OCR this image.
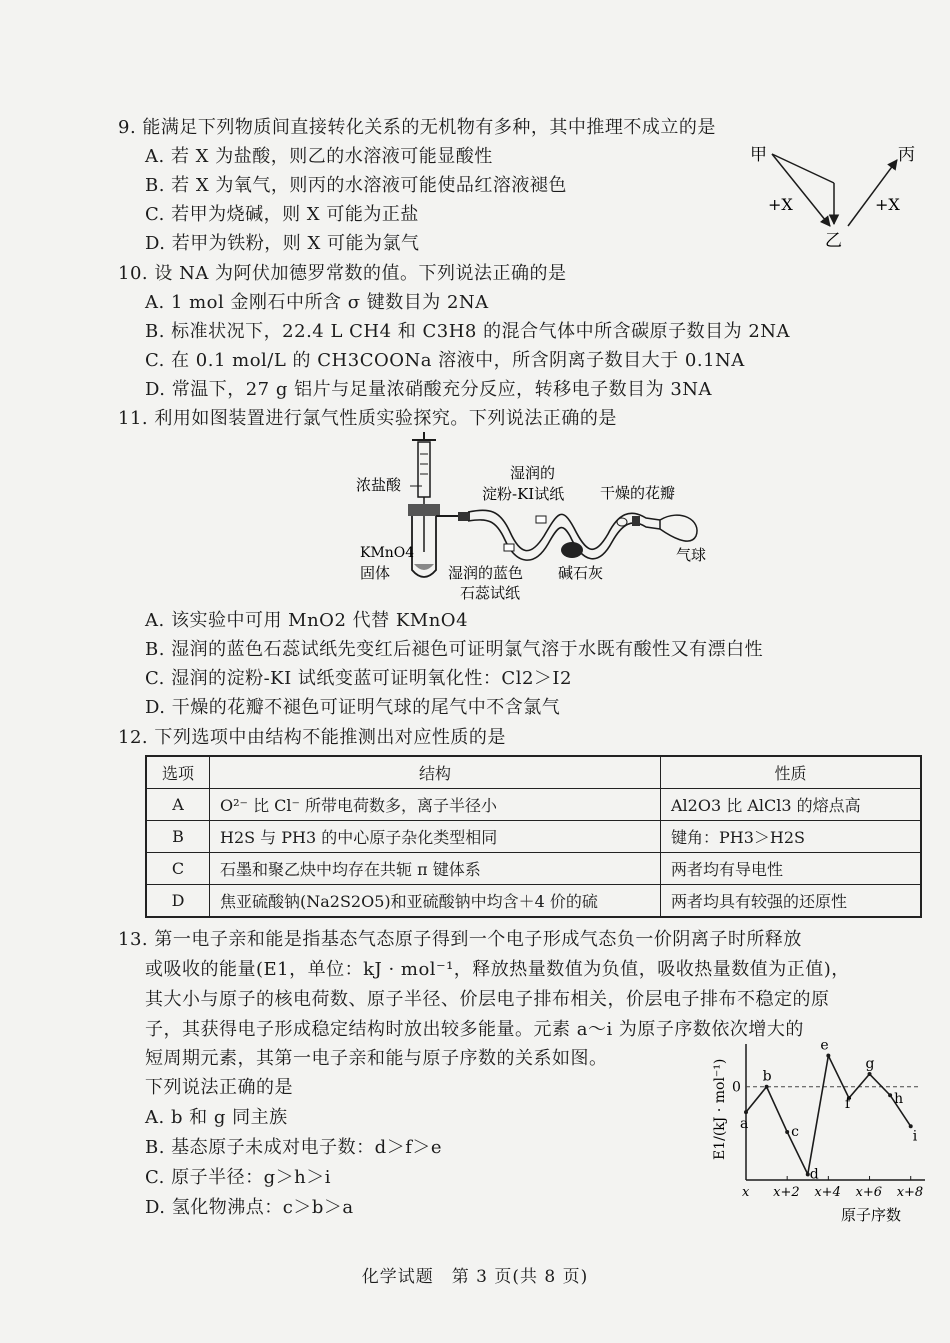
9. 能满足下列物质间直接转化关系的无机物有多种，其中推理不成立的是
A. 若 X 为盐酸，则乙的水溶液可能显酸性
B. 若 X 为氧气，则丙的水溶液可能使品红溶液褪色
C. 若甲为烧碱，则 X 可能为正盐
D. 若甲为铁粉，则 X 可能为氯气
甲	丙
乙
+X	+X
10. 设 NA 为阿伏加德罗常数的值。下列说法正确的是
A. 1 mol 金刚石中所含 σ 键数目为 2NA
B. 标准状况下，22.4 L CH4 和 C3H8 的混合气体中所含碳原子数目为 2NA
C. 在 0.1 mol/L 的 CH3COONa 溶液中，所含阴离子数目大于 0.1NA
D. 常温下，27 g 铝片与足量浓硝酸充分反应，转移电子数目为 3NA
11. 利用如图装置进行氯气性质实验探究。下列说法正确的是
浓盐酸
KMnO4
固体
湿润的
淀粉-KI试纸 干燥的花瓣
气球
湿润的蓝色
石蕊试纸
碱石灰
A. 该实验中可用 MnO2 代替 KMnO4
B. 湿润的蓝色石蕊试纸先变红后褪色可证明氯气溶于水既有酸性又有漂白性
C. 湿润的淀粉-KI 试纸变蓝可证明氧化性：Cl2＞I2
D. 干燥的花瓣不褪色可证明气球的尾气中不含氯气
12. 下列选项中由结构不能推测出对应性质的是
选项	结构	性质
A	O²⁻ 比 Cl⁻ 所带电荷数多，离子半径小	Al2O3 比 AlCl3 的熔点高
B	H2S 与 PH3 的中心原子杂化类型相同	键角：PH3＞H2S
C	石墨和聚乙炔中均存在共轭 π 键体系	两者均有导电性
D	焦亚硫酸钠(Na2S2O5)和亚硫酸钠中均含＋4 价的硫	两者均具有较强的还原性
13. 第一电子亲和能是指基态气态原子得到一个电子形成气态负一价阴离子时所释放
或吸收的能量(E1，单位：kJ · mol⁻¹，释放热量数值为负值，吸收热量数值为正值)，
其大小与原子的核电荷数、原子半径、价层电子排布相关，价层电子排布不稳定的原
子，其获得电子形成稳定结构时放出较多能量。元素 a～i 为原子序数依次增大的
短周期元素，其第一电子亲和能与原子序数的关系如图。
下列说法正确的是
A. b 和 g 同主族
B. 基态原子未成对电子数：d＞f＞e
C. 原子半径：g＞h＞i
D. 氢化物沸点：c＞b＞a
0
E1/(kJ · mol⁻¹)
x x+2 x+4 x+6 x+8
原子序数
a
b
c
d
e
f
g
h
i
化学试题　第 3 页(共 8 页)
